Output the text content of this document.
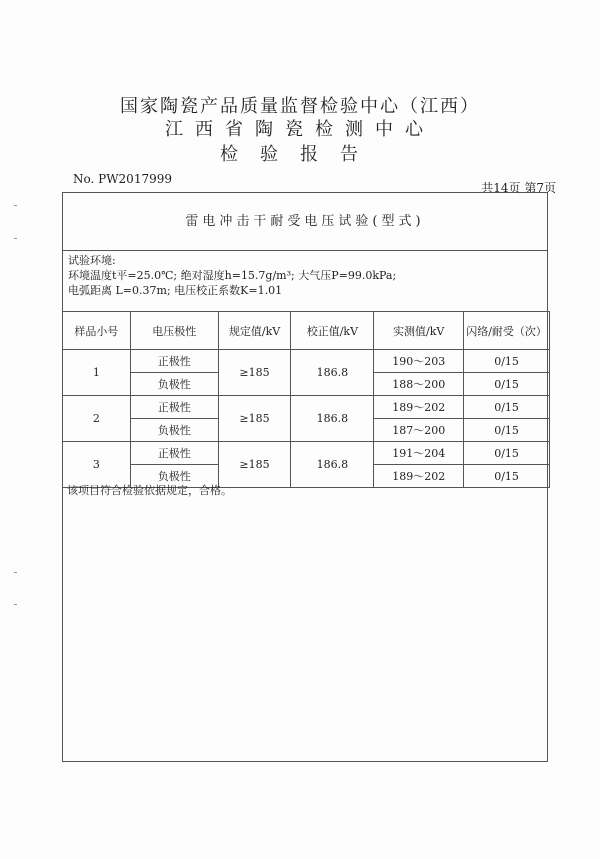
国家陶瓷产品质量监督检验中心（江西）
江西省陶瓷检测中心
检验报告
No. PW2017999
共14页 第7页
雷电冲击干耐受电压试验(型式)
试验环境:
环境温度t平=25.0℃; 绝对湿度h=15.7g/m³; 大气压P=99.0kPa;
电弧距离 L=0.37m; 电压校正系数K=1.01
样品小号	电压极性	规定值/kV	校正值/kV	实测值/kV	闪络/耐受（次）
1	正极性	≥185	186.8	190～203	0/15
	负极性			188～200	0/15
2	正极性	≥185	186.8	189～202	0/15
	负极性			187～200	0/15
3	正极性	≥185	186.8	191～204	0/15
	负极性			189～202	0/15
该项目符合检验依据规定，合格。
